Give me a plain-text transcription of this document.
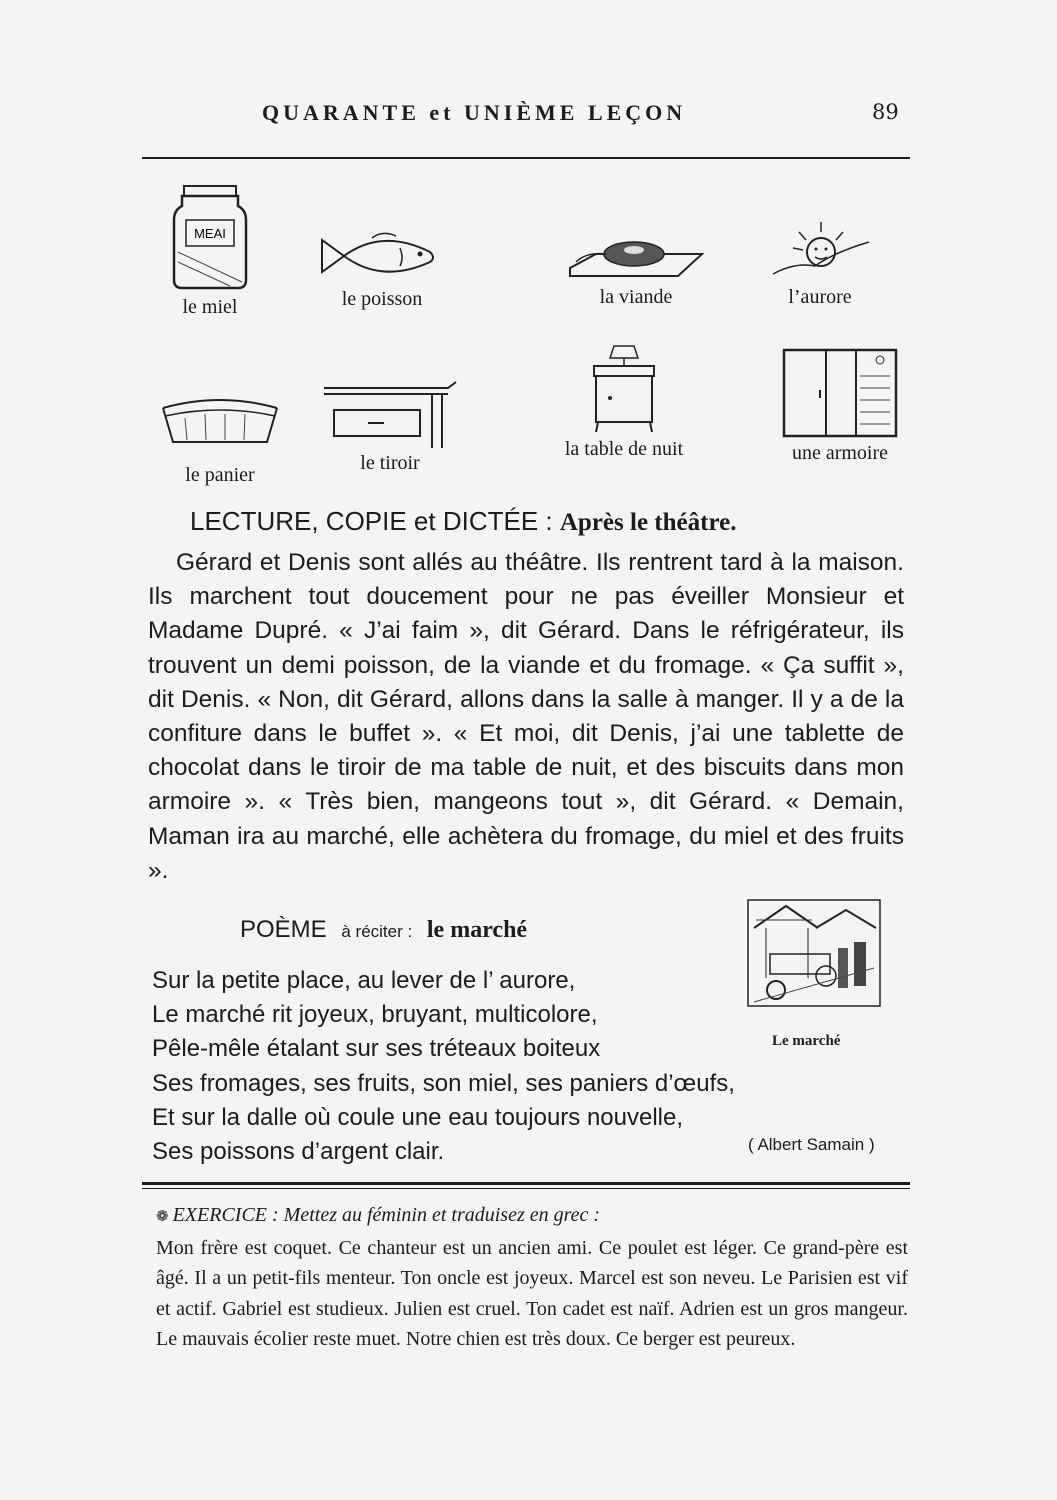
QUARANTE et UNIÈME LEÇON	89
MEAI
le miel	le poisson	la viande	l’aurore
le panier
le tiroir
la table de nuit	une armoire
LECTURE, COPIE et DICTÉE : Après le théâtre.

Gérard et Denis sont allés au théâtre. Ils rentrent tard à la maison. Ils marchent tout doucement pour ne pas éveiller Monsieur et Madame Dupré. « J’ai faim », dit Gérard. Dans le réfrigérateur, ils trouvent un demi poisson, de la viande et du fromage. « Ça suffit », dit Denis. « Non, dit Gérard, allons dans la salle à manger. Il y a de la confiture dans le buffet ». « Et moi, dit Denis, j’ai une tablette de chocolat dans le tiroir de ma table de nuit, et des biscuits dans mon armoire ». « Très bien, mangeons tout », dit Gérard. « Demain, Maman ira au marché, elle achètera du fromage, du miel et des fruits ».

POÈME à réciter : le marché
Sur la petite place, au lever de l’ aurore,
Le marché rit joyeux, bruyant, multicolore,
Pêle-mêle étalant sur ses tréteaux boiteux
Ses fromages, ses fruits, son miel, ses paniers d’œufs,
Et sur la dalle où coule une eau toujours nouvelle,
Ses poissons d’argent clair.
Le marché
( Albert Samain )
❁ EXERCICE : Mettez au féminin et traduisez en grec :
Mon frère est coquet. Ce chanteur est un ancien ami. Ce poulet est léger. Ce grand-père est âgé. Il a un petit-fils menteur. Ton oncle est joyeux. Marcel est son neveu. Le Parisien est vif et actif. Gabriel est studieux. Julien est cruel. Ton cadet est naïf. Adrien est un gros mangeur. Le mauvais écolier reste muet. Notre chien est très doux. Ce berger est peureux.
